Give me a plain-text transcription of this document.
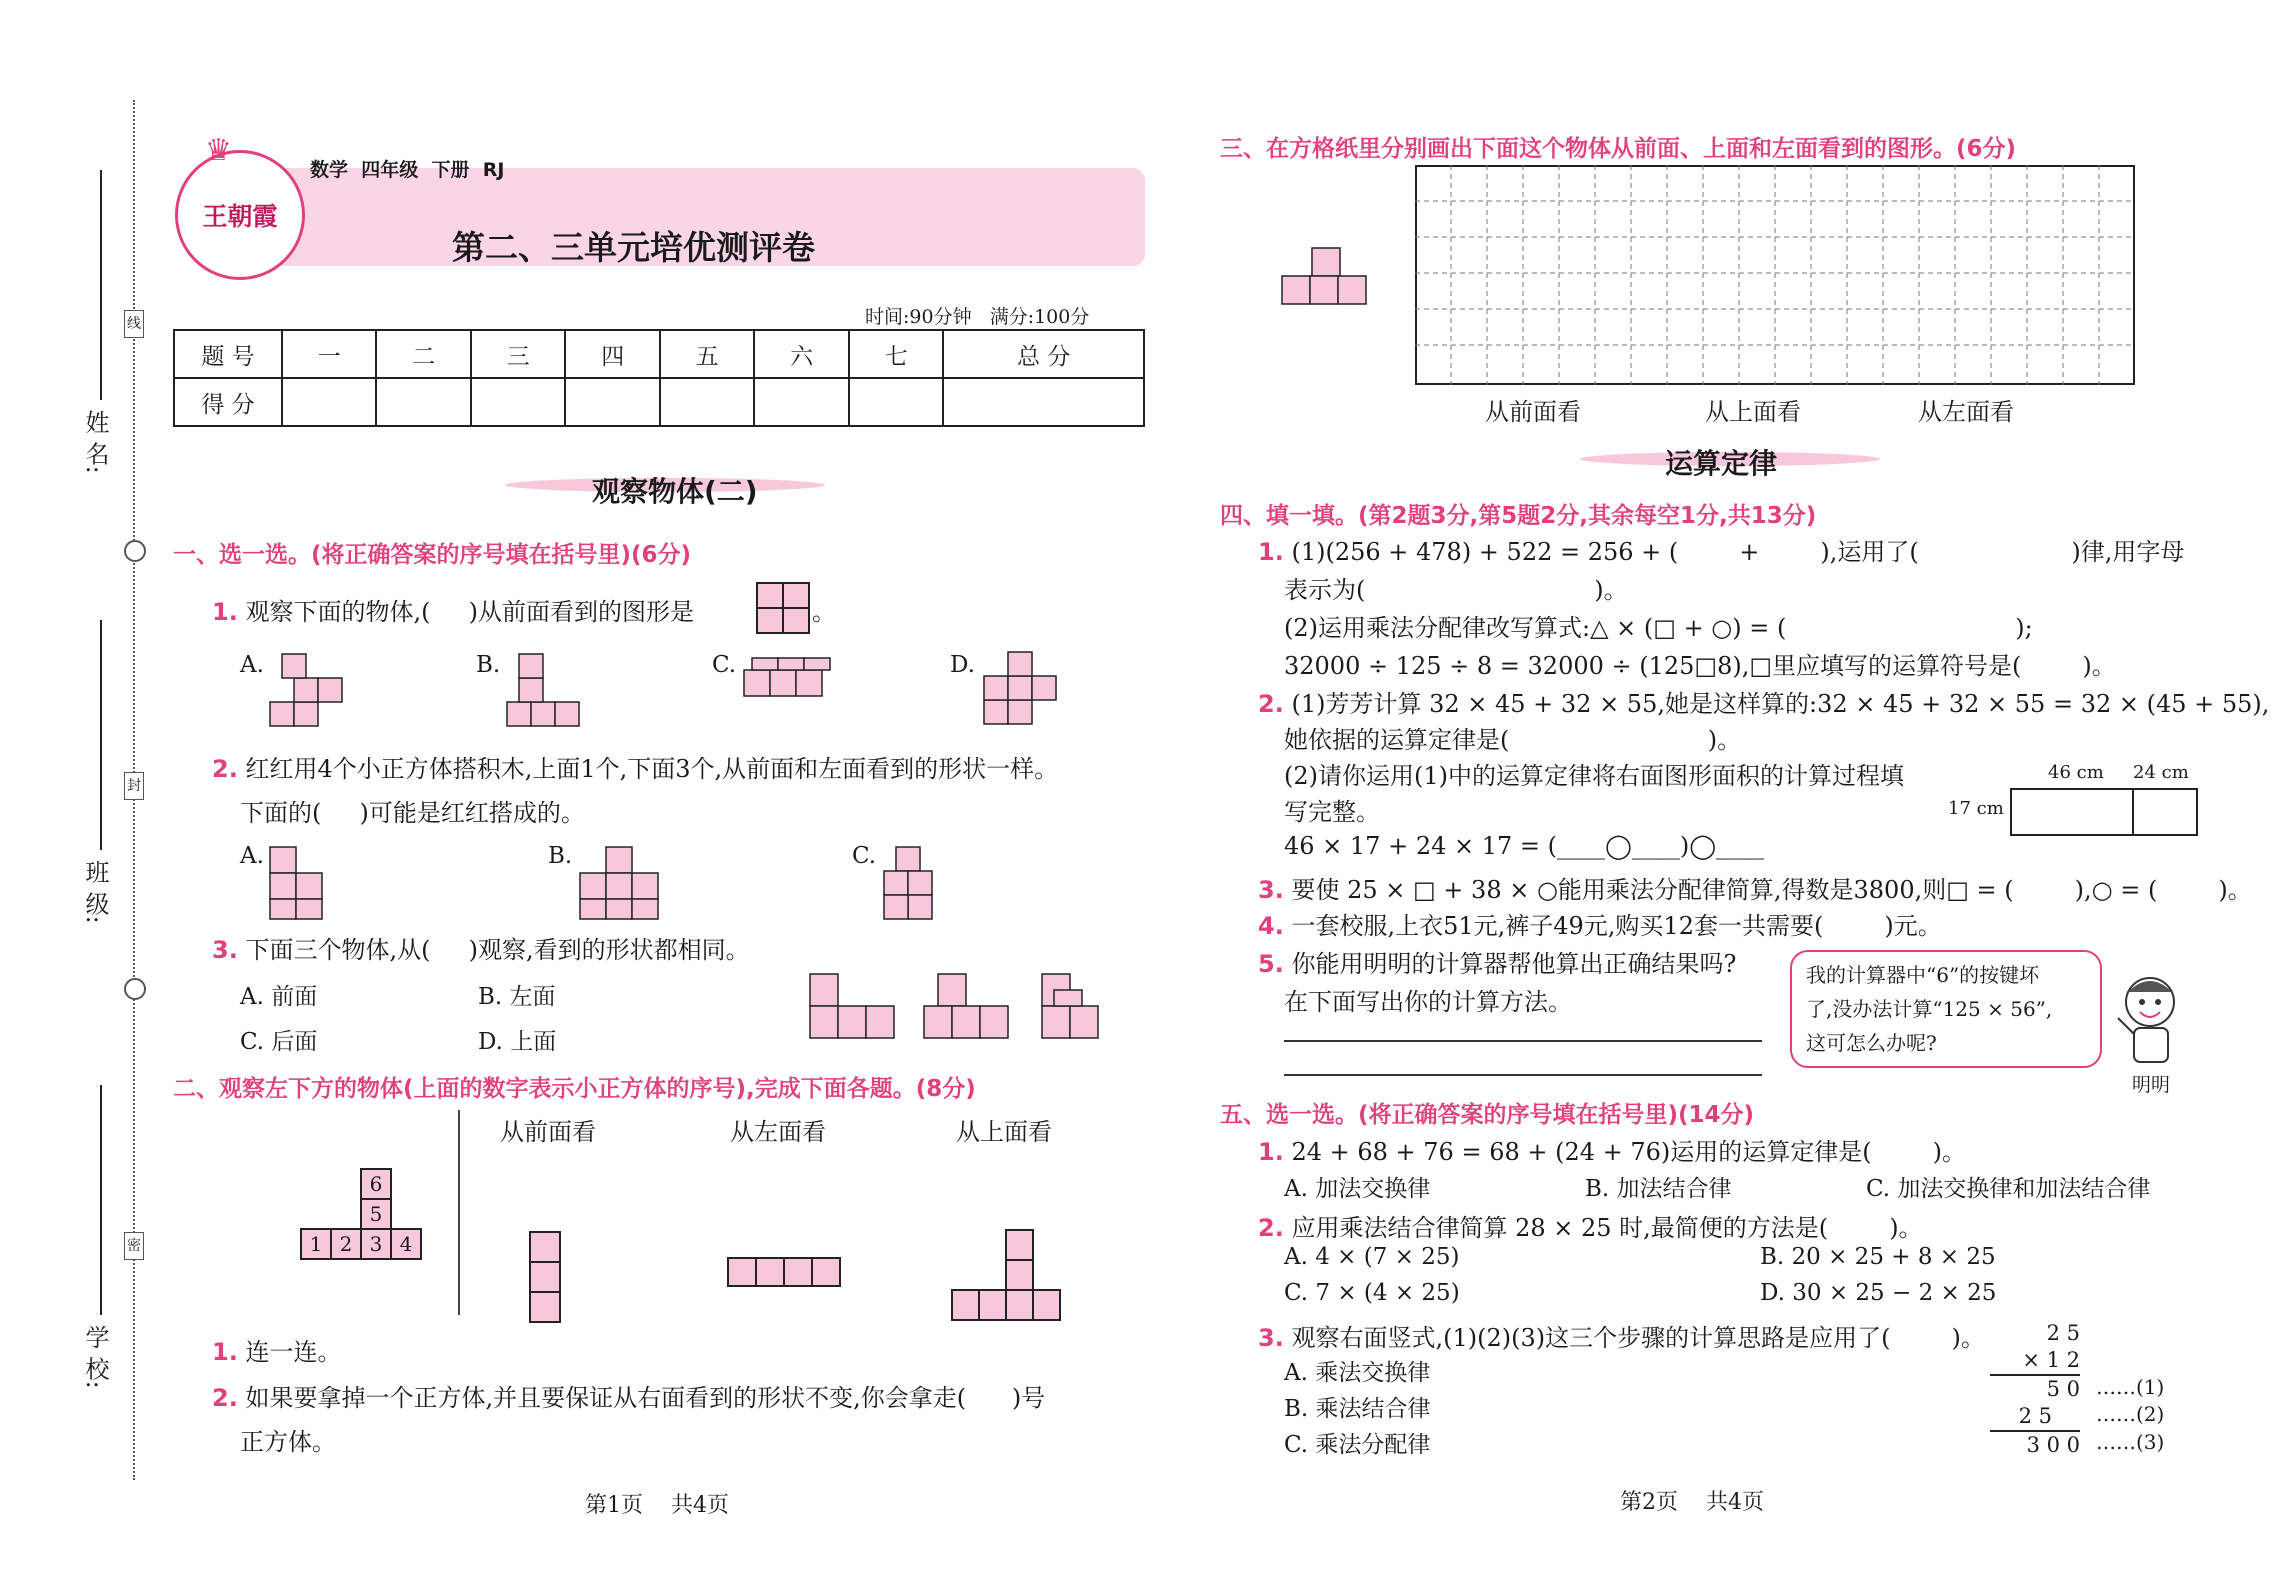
姓 名:
班 级:
学 校:
线
封
密
王朝霞
♛
数学  四年级  下册  RJ
第二、三单元培优测评卷
时间:90分钟   满分:100分
题 号	一	二	三	四	五	六	七	总 分
得 分								
观察物体(二)
一、选一选。(将正确答案的序号填在括号里)(6分)
1. 观察下面的物体,(     )从前面看到的图形是	。
A.	B.	C.	D.
2. 红红用4个小正方体搭积木,上面1个,下面3个,从前面和左面看到的形状一样。
下面的(     )可能是红红搭成的。
A.	B.	C.
3. 下面三个物体,从(     )观察,看到的形状都相同。
A. 前面	B. 左面
C. 后面	D. 上面
二、观察左下方的物体(上面的数字表示小正方体的序号),完成下面各题。(8分)
从前面看	从左面看	从上面看
6
5
1 2 3 4
1. 连一连。
2. 如果要拿掉一个正方体,并且要保证从右面看到的形状不变,你会拿走(      )号
正方体。
第1页    共4页
三、在方格纸里分别画出下面这个物体从前面、上面和左面看到的图形。(6分)
从前面看	从上面看	从左面看
运算定律
四、填一填。(第2题3分,第5题2分,其余每空1分,共13分)
1. (1)(256 + 478) + 522 = 256 + (        +        ),运用了(                    )律,用字母
表示为(                              )。
(2)运用乘法分配律改写算式:△ × (□ + ○) = (                              );
32000 ÷ 125 ÷ 8 = 32000 ÷ (125□8),□里应填写的运算符号是(        )。
2. (1)芳芳计算 32 × 45 + 32 × 55,她是这样算的:32 × 45 + 32 × 55 = 32 × (45 + 55),
她依据的运算定律是(                          )。
(2)请你运用(1)中的运算定律将右面图形面积的计算过程填
写完整。
46 × 17 + 24 × 17 = (____◯____)◯____
46 cm 24 cm
17 cm
3. 要使 25 × □ + 38 × ○能用乘法分配律简算,得数是3800,则□ = (        ),○ = (        )。
4. 一套校服,上衣51元,裤子49元,购买12套一共需要(        )元。
5. 你能用明明的计算器帮他算出正确结果吗?
在下面写出你的计算方法。
我的计算器中“6”的按键坏
了,没办法计算“125 × 56”,
这可怎么办呢?
明明
五、选一选。(将正确答案的序号填在括号里)(14分)
1. 24 + 68 + 76 = 68 + (24 + 76)运用的运算定律是(        )。
A. 加法交换律	B. 加法结合律	C. 加法交换律和加法结合律
2. 应用乘法结合律简算 28 × 25 时,最简便的方法是(        )。
A. 4 × (7 × 25)	B. 20 × 25 + 8 × 25
C. 7 × (4 × 25)	D. 30 × 25 − 2 × 25
3. 观察右面竖式,(1)(2)(3)这三个步骤的计算思路是应用了(        )。
A. 乘法交换律
B. 乘法结合律
C. 乘法分配律
2 5
× 1 2
5 0
2 5
3 0 0
……(1)
……(2)
……(3)
第2页    共4页
